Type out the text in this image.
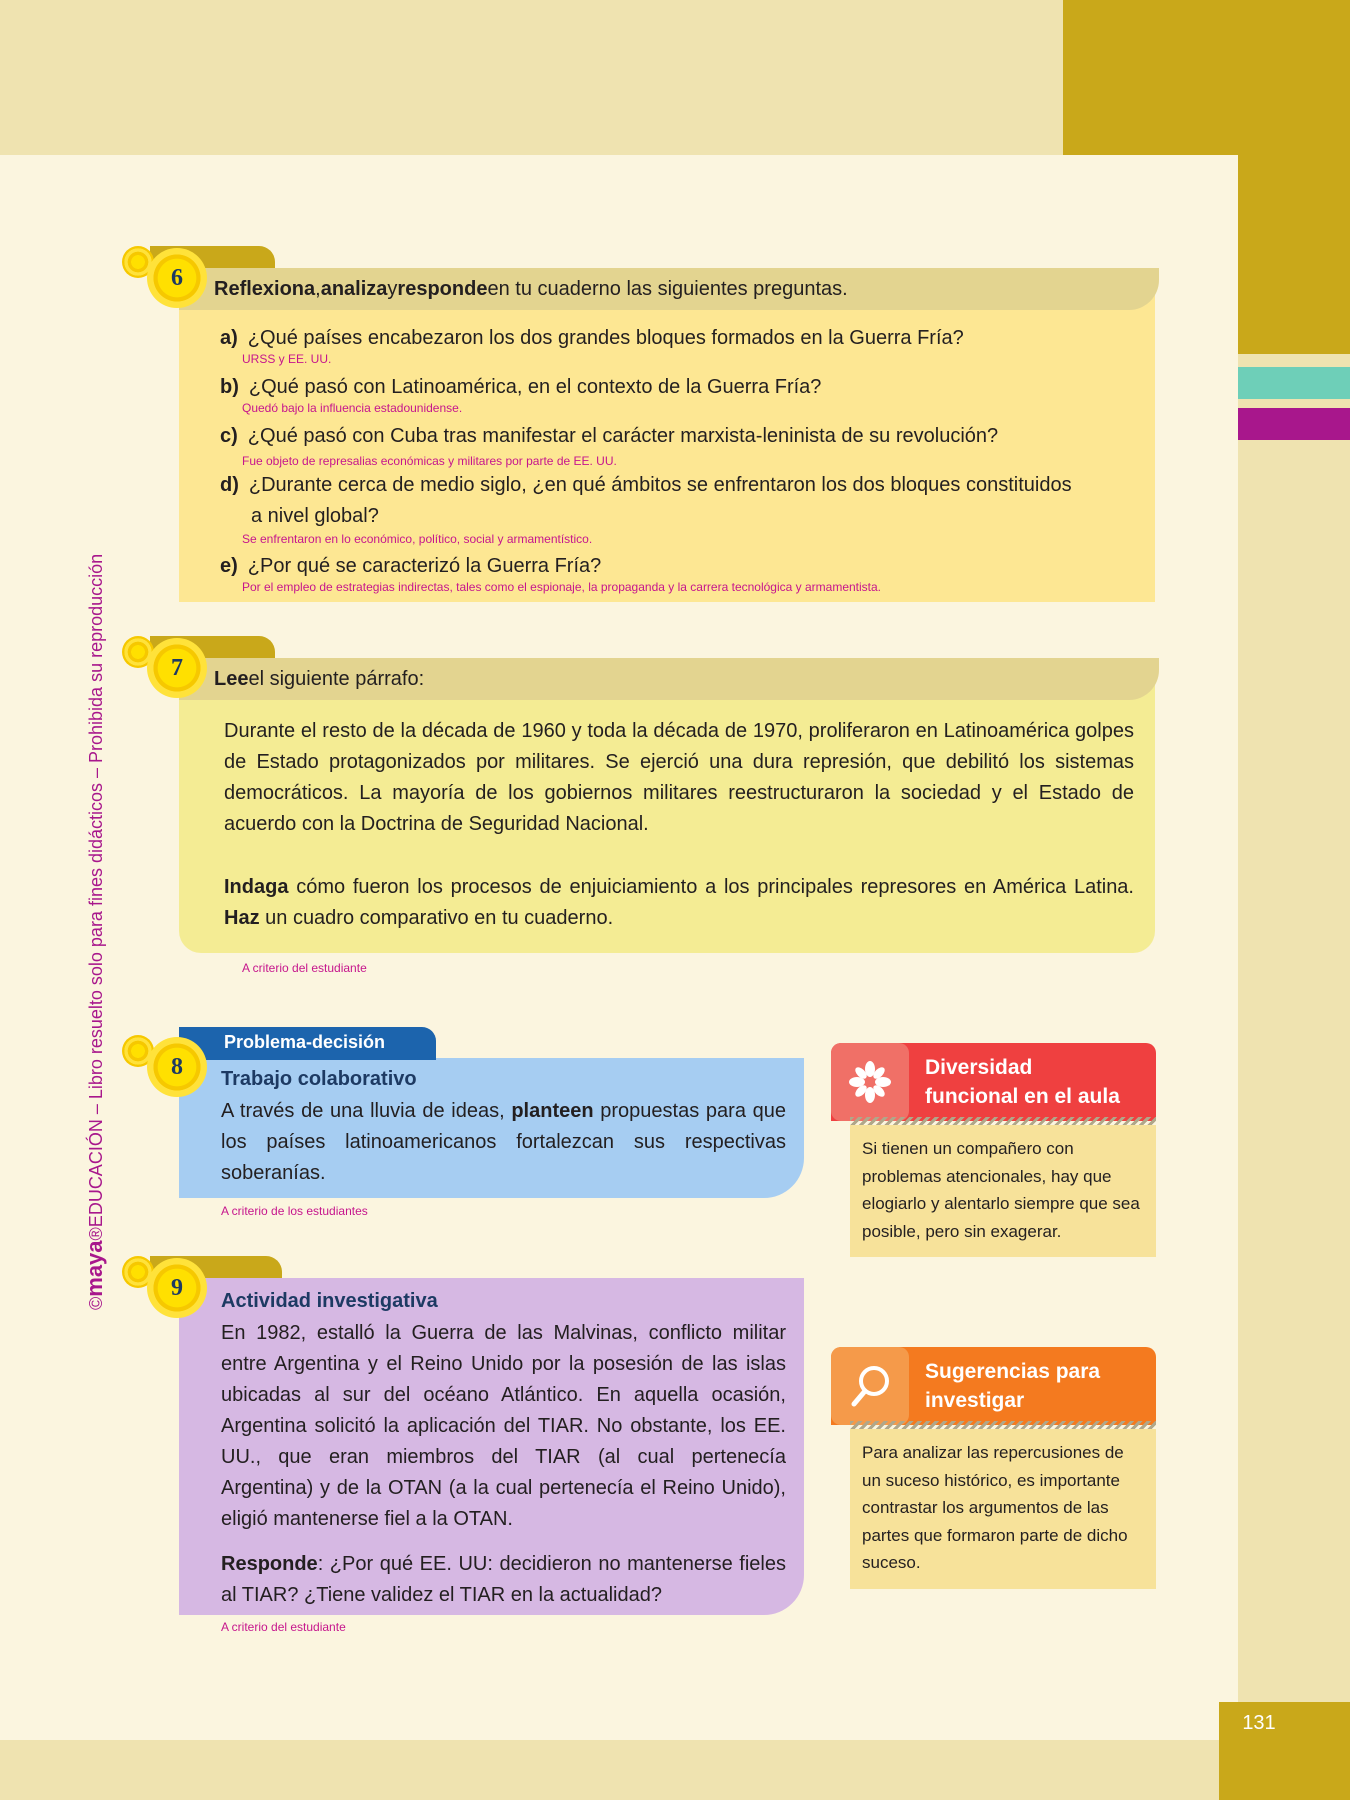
131
©maya®EDUCACIÓN – Libro resuelto solo para fines didácticos – Prohibida su reproducción
Reflexiona , analiza y responde en tu cuaderno las siguientes preguntas.
6
a) ¿Qué países encabezaron los dos grandes bloques formados en la Guerra Fría?
URSS y EE. UU.
b) ¿Qué pasó con Latinoamérica, en el contexto de la Guerra Fría?
Quedó bajo la influencia estadounidense.
c) ¿Qué pasó con Cuba tras manifestar el carácter marxista-leninista de su revolución?
Fue objeto de represalias económicas y militares por parte de EE. UU.
d) ¿Durante cerca de medio siglo, ¿en qué ámbitos se enfrentaron los dos bloques constituidos
a nivel global?
Se enfrentaron en lo económico, político, social y armamentístico.
e) ¿Por qué se caracterizó la Guerra Fría?
Por el empleo de estrategias indirectas, tales como el espionaje, la propaganda y la carrera tecnológica y armamentista.
Lee el siguiente párrafo:
7
Durante el resto de la década de 1960 y toda la década de 1970, proliferaron en Latinoamérica golpes de Estado protagonizados por militares. Se ejerció una dura represión, que debilitó los sistemas democráticos. La mayoría de los gobiernos militares reestructuraron la sociedad y el Estado de acuerdo con la Doctrina de Seguridad Nacional.
Indaga cómo fueron los procesos de enjuiciamiento a los principales represores en América Latina. Haz un cuadro comparativo en tu cuaderno.
A criterio del estudiante
Problema-decisión
8	Trabajo colaborativo
A través de una lluvia de ideas, planteen propuestas para que los países latinoamericanos fortalezcan sus respectivas soberanías.
A criterio de los estudiantes
9
Actividad investigativa
En 1982, estalló la Guerra de las Malvinas, conflicto militar entre Argentina y el Reino Unido por la posesión de las islas ubicadas al sur del océano Atlántico. En aquella ocasión, Argentina solicitó la aplicación del TIAR. No obstante, los EE. UU., que eran miembros del TIAR (al cual pertenecía Argentina) y de la OTAN (a la cual pertenecía el Reino Unido), eligió mantenerse fiel a la OTAN.
Responde: ¿Por qué EE. UU: decidieron no mantenerse fieles al TIAR? ¿Tiene validez el TIAR en la actualidad?
A criterio del estudiante
Diversidad
funcional en el aula
Si tienen un compañero con problemas atencionales, hay que elogiarlo y alentarlo siempre que sea posible, pero sin exagerar.
Sugerencias para
investigar
Para analizar las repercusiones de un suceso histórico, es importante contrastar los argumentos de las partes que formaron parte de dicho suceso.
